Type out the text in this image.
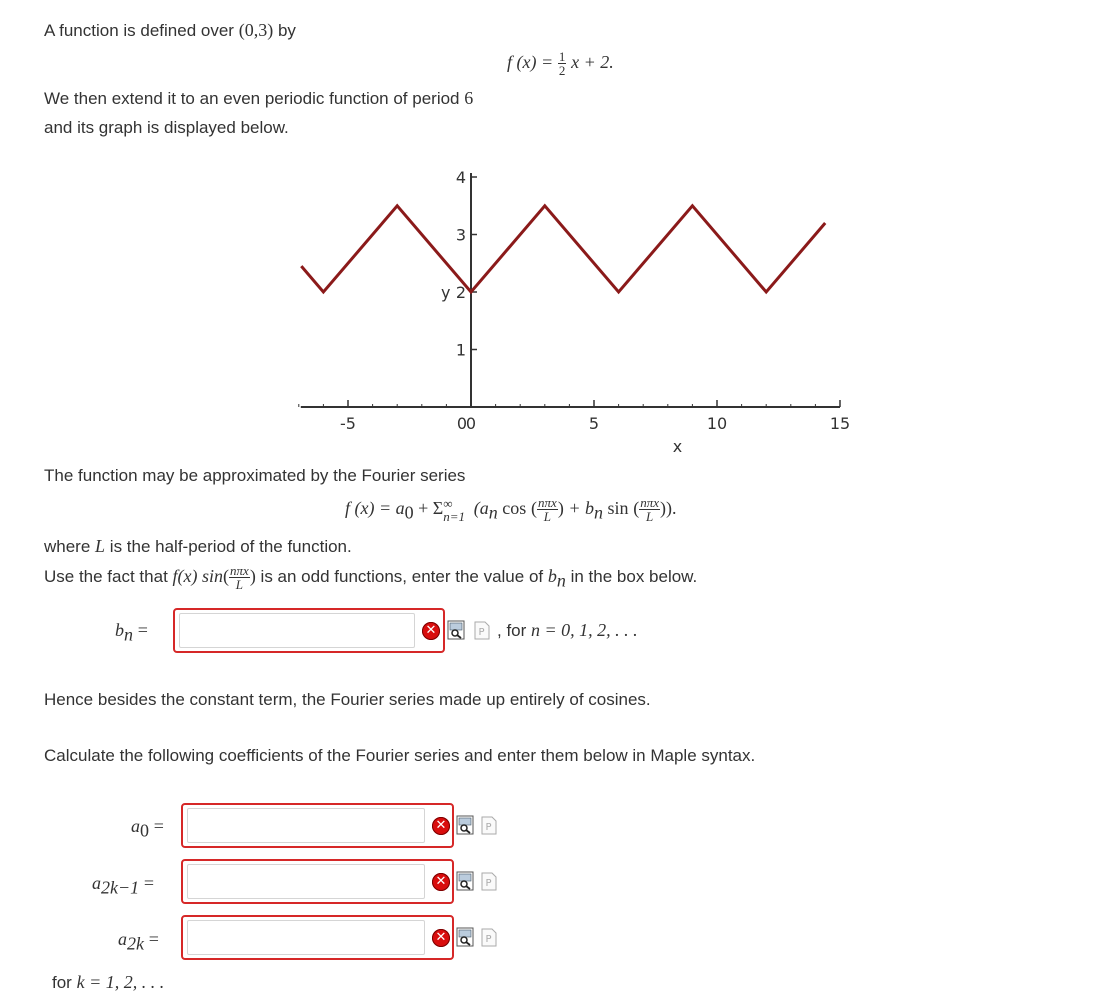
A function is defined over (0,3) by
f $(x) = \frac{1}{2}$ x + 2.
We then extend it to an even periodic function of period 6
and its graph is displayed below.
-5	0	5	10	15
1
2
3
4
0
x
y
The function may be approximated by the Fourier series
f $(x) = a_0 + \Sigma$ ∞
n=1 ($a_n$ cos ( $\frac{\text{nπx}}{L}$ ) + $b_n$ sin ( $\frac{\text{nπx}}{L}$ )).
where L is the half-period of the function.
Use the fact that f(x) $\sin( \frac{\text{nπx}}{L}$ ) is an odd functions, enter the value of $b_n$ in the box below.
$b_n$ =	✕	P , for n = 0, 1, 2, . . .
Hence besides the constant term, the Fourier series made up entirely of cosines.
Calculate the following coefficients of the Fourier series and enter them below in Maple syntax.
$a_0$ =	✕	P
$a_{2k-1}$ =	✕	P
$a_{2k}$ =	✕	P
for k = 1, 2, . . .
